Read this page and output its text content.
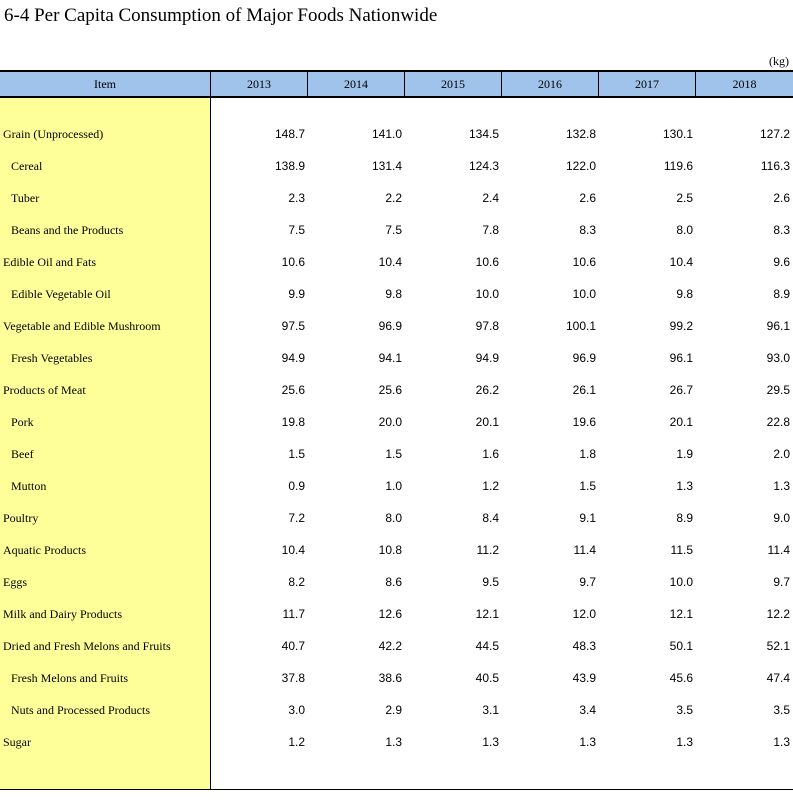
6-4 Per Capita Consumption of Major Foods Nationwide
(kg)
Item	2013	2014	2015	2016	2017	2018
Grain (Unprocessed)	148.7	141.0	134.5	132.8	130.1	127.2
Cereal	138.9	131.4	124.3	122.0	119.6	116.3
Tuber	2.3	2.2	2.4	2.6	2.5	2.6
Beans and the Products	7.5	7.5	7.8	8.3	8.0	8.3
Edible Oil and Fats	10.6	10.4	10.6	10.6	10.4	9.6
Edible Vegetable Oil	9.9	9.8	10.0	10.0	9.8	8.9
Vegetable and Edible Mushroom	97.5	96.9	97.8	100.1	99.2	96.1
Fresh Vegetables	94.9	94.1	94.9	96.9	96.1	93.0
Products of Meat	25.6	25.6	26.2	26.1	26.7	29.5
Pork	19.8	20.0	20.1	19.6	20.1	22.8
Beef	1.5	1.5	1.6	1.8	1.9	2.0
Mutton	0.9	1.0	1.2	1.5	1.3	1.3
Poultry	7.2	8.0	8.4	9.1	8.9	9.0
Aquatic Products	10.4	10.8	11.2	11.4	11.5	11.4
Eggs	8.2	8.6	9.5	9.7	10.0	9.7
Milk and Dairy Products	11.7	12.6	12.1	12.0	12.1	12.2
Dried and Fresh Melons and Fruits	40.7	42.2	44.5	48.3	50.1	52.1
Fresh Melons and Fruits	37.8	38.6	40.5	43.9	45.6	47.4
Nuts and Processed Products	3.0	2.9	3.1	3.4	3.5	3.5
Sugar	1.2	1.3	1.3	1.3	1.3	1.3
